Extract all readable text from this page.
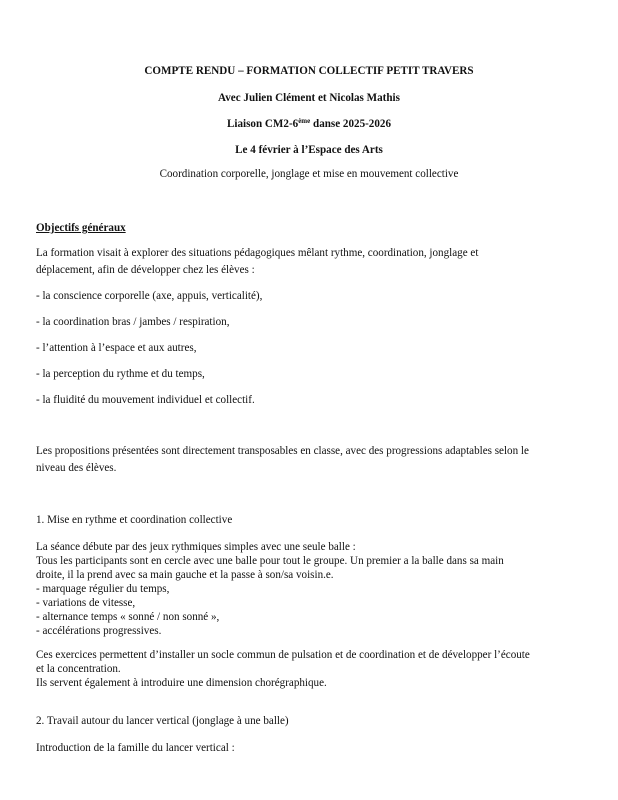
COMPTE RENDU – FORMATION COLLECTIF PETIT TRAVERS
Avec Julien Clément et Nicolas Mathis
Liaison CM2-6ème danse 2025-2026
Le 4 février à l’Espace des Arts
Coordination corporelle, jonglage et mise en mouvement collective
Objectifs généraux
La formation visait à explorer des situations pédagogiques mêlant rythme, coordination, jonglage et
déplacement, afin de développer chez les élèves :
- la conscience corporelle (axe, appuis, verticalité),
- la coordination bras / jambes / respiration,
- l’attention à l’espace et aux autres,
- la perception du rythme et du temps,
- la fluidité du mouvement individuel et collectif.
Les propositions présentées sont directement transposables en classe, avec des progressions adaptables selon le
niveau des élèves.
1. Mise en rythme et coordination collective
La séance débute par des jeux rythmiques simples avec une seule balle :
Tous les participants sont en cercle avec une balle pour tout le groupe. Un premier a la balle dans sa main
droite, il la prend avec sa main gauche et la passe à son/sa voisin.e.
- marquage régulier du temps,
- variations de vitesse,
- alternance temps « sonné / non sonné »,
- accélérations progressives.
Ces exercices permettent d’installer un socle commun de pulsation et de coordination et de développer l’écoute
et la concentration.
Ils servent également à introduire une dimension chorégraphique.
2. Travail autour du lancer vertical (jonglage à une balle)
Introduction de la famille du lancer vertical :
